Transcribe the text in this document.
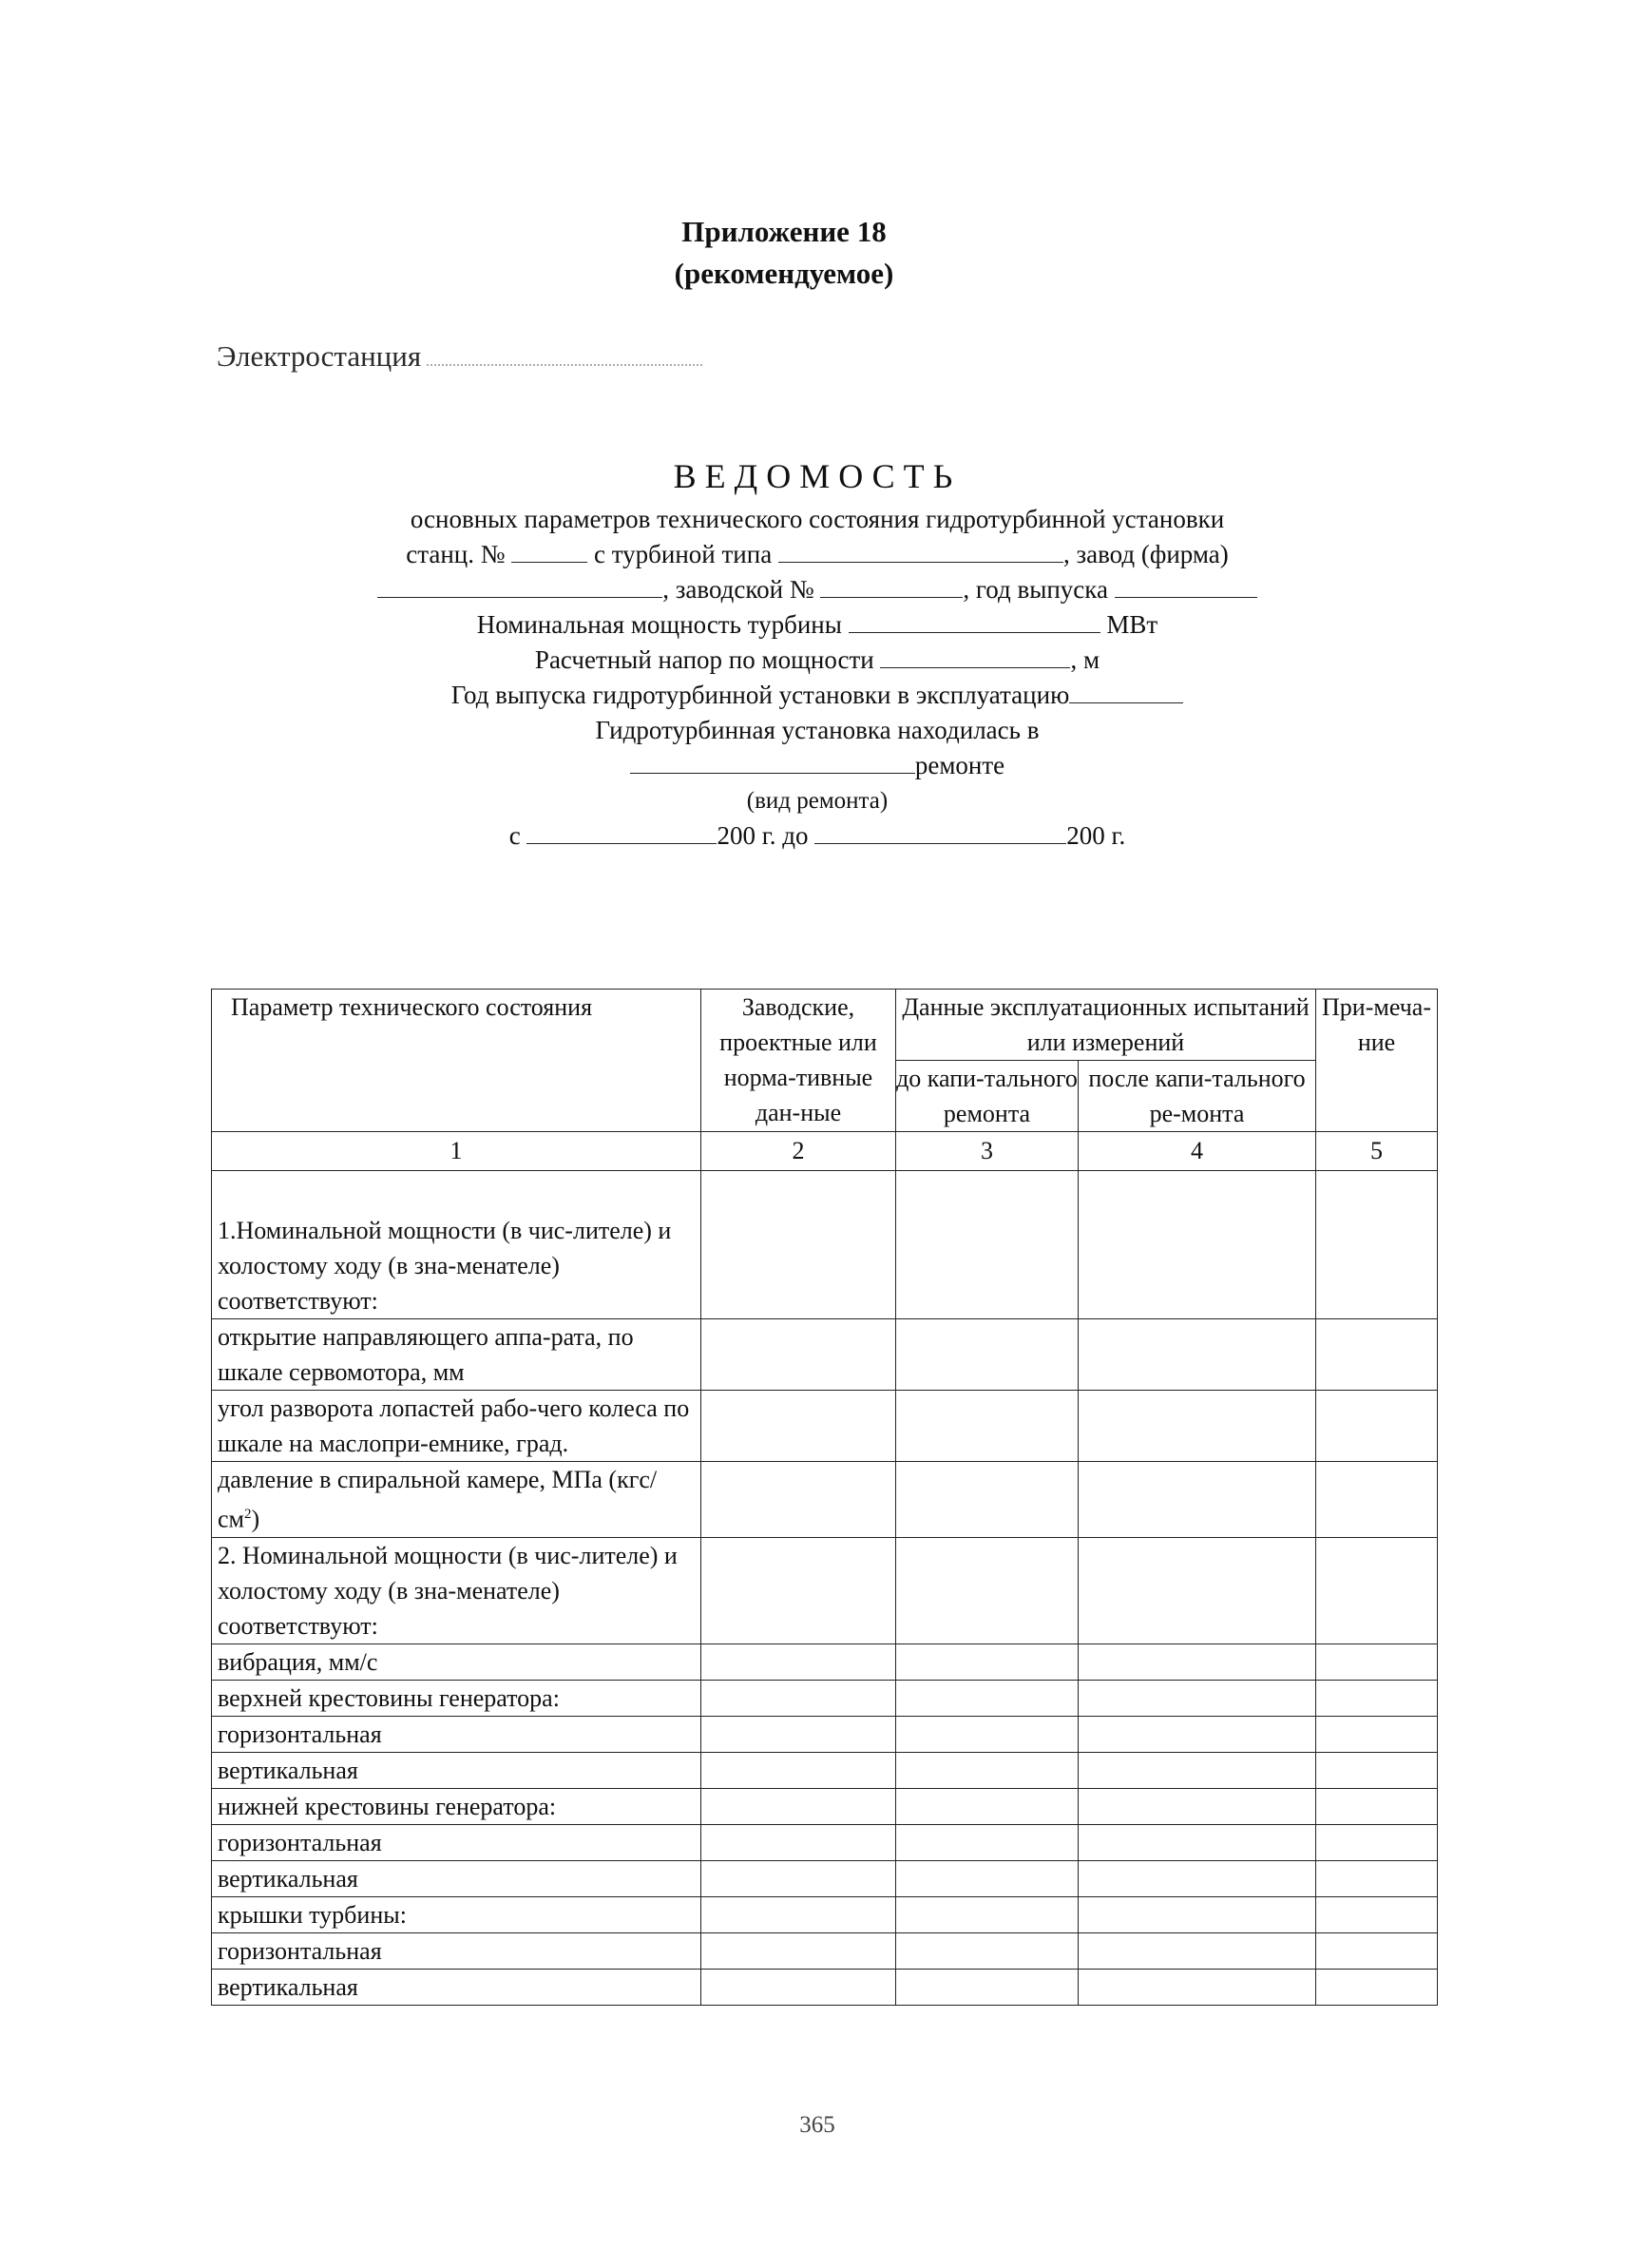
Приложение 18
(рекомендуемое)
Электростанция
ВЕДОМОСТЬ
основных параметров технического состояния гидротурбинной установки
станц. №	с турбиной типа	, завод (фирма)
, заводской №	, год выпуска
Номинальная мощность турбины	МВт
Расчетный напор по мощности	, м
Год выпуска гидротурбинной установки в эксплуатацию
Гидротурбинная установка находилась в
ремонте
(вид ремонта)
с	200 г. до	200 г.
Параметр технического состояния	Заводские, проектные или норма-тивные дан-ные	Данные эксплуатационных испытаний или измерений		При-меча-ние
		до капи-тального ремонта	после капи-тального ре-монта	
1	2	3	4	5
1.Номинальной мощности (в чис-лителе) и холостому ходу (в зна-менателе) соответствуют:				
открытие направляющего аппа-рата, по шкале сервомотора, мм				
угол разворота лопастей рабо-чего колеса по шкале на маслопри-емнике, град.				
давление в спиральной камере, МПа $(кгс/см^2)$				
2. Номинальной мощности (в чис-лителе) и холостому ходу (в зна-менателе) соответствуют:				
вибрация, мм/с				
верхней крестовины генератора:				
горизонтальная				
вертикальная				
нижней крестовины генератора:				
горизонтальная				
вертикальная				
крышки турбины:				
горизонтальная				
вертикальная				
365
